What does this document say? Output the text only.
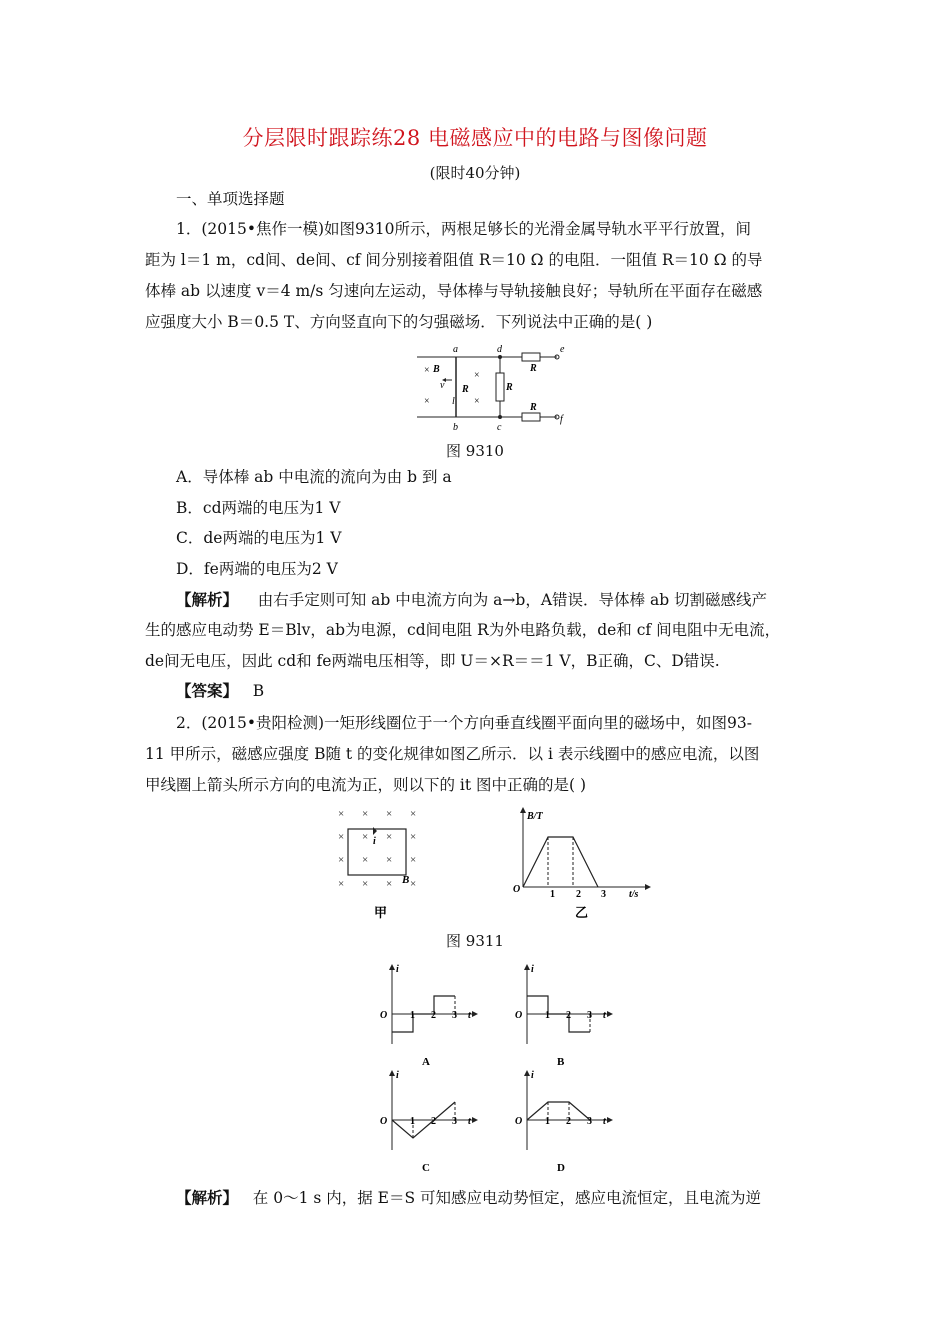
分层限时跟踪练28 电磁感应中的电路与图像问题
(限时40分钟)
一、单项选择题
1．(2015•焦作一模)如图9310所示，两根足够长的光滑金属导轨水平平行放置，间
距为 l＝1 m，cd间、de间、cf 间分别接着阻值 R＝10 Ω 的电阻．一阻值 R＝10 Ω 的导
体棒 ab 以速度 v＝4 m/s 匀速向左运动，导体棒与导轨接触良好；导轨所在平面存在磁感
应强度大小 B＝0.5 T、方向竖直向下的匀强磁场．下列说法中正确的是( )
a	d	e
b	c
f
× B
v R
l
×
×
×
R
R
R
图 9310
A．导体棒 ab 中电流的流向为由 b 到 a
B．cd两端的电压为1 V
C．de两端的电压为1 V
D．fe两端的电压为2 V
【解析】 由右手定则可知 ab 中电流方向为 a→b，A错误．导体棒 ab 切割磁感线产
生的感应电动势 E＝Blv，ab为电源，cd间电阻 R为外电路负载，de和 cf 间电阻中无电流，
de间无电压，因此 cd和 fe两端电压相等，即 U＝×R＝＝1 V，B正确，C、D错误.
【答案】 B
2．(2015•贵阳检测)一矩形线圈位于一个方向垂直线圈平面向里的磁场中，如图93-
11 甲所示，磁感应强度 B随 t 的变化规律如图乙所示．以 i 表示线圈中的感应电流，以图
甲线圈上箭头所示方向的电流为正，则以下的 it 图中正确的是( )
×
×
×
×
×
×
×
×
×
×
×
×
×
×
×
×
i
B
甲
B/T
O	1 2 3 t/s
乙
图 9311
i
O 1 2 3 t
A
i
O 1 2 3 t
B
i
O 1 2 3 t
C
i
O 1 2 3 t
D
【解析】 在 0～1 s 内，据 E＝S 可知感应电动势恒定，感应电流恒定，且电流为逆
